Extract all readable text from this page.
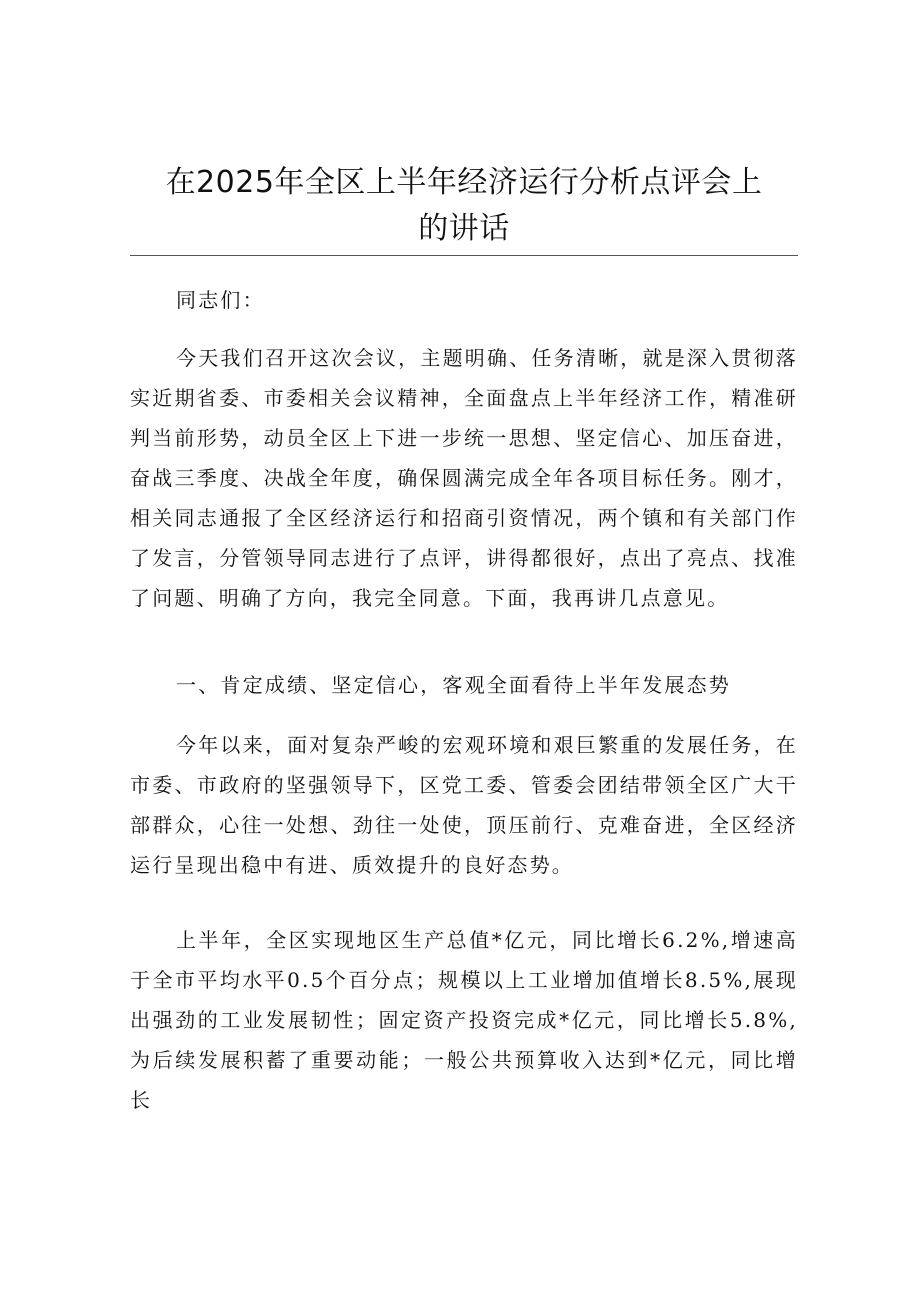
在2025年全区上半年经济运行分析点评会上
的讲话

同志们：

今天我们召开这次会议，主题明确、任务清晰，就是深入贯彻落实近期省委、市委相关会议精神，全面盘点上半年经济工作，精准研判当前形势，动员全区上下进一步统一思想、坚定信心、加压奋进，奋战三季度、决战全年度，确保圆满完成全年各项目标任务。刚才，相关同志通报了全区经济运行和招商引资情况，两个镇和有关部门作了发言，分管领导同志进行了点评，讲得都很好，点出了亮点、找准了问题、明确了方向，我完全同意。下面，我再讲几点意见。

一、肯定成绩、坚定信心，客观全面看待上半年发展态势

今年以来，面对复杂严峻的宏观环境和艰巨繁重的发展任务，在市委、市政府的坚强领导下，区党工委、管委会团结带领全区广大干部群众，心往一处想、劲往一处使，顶压前行、克难奋进，全区经济运行呈现出稳中有进、质效提升的良好态势。

上半年，全区实现地区生产总值*亿元，同比增长6.2%,增速高于全市平均水平0.5个百分点；规模以上工业增加值增长8.5%,展现出强劲的工业发展韧性；固定资产投资完成*亿元，同比增长5.8%,为后续发展积蓄了重要动能；一般公共预算收入达到*亿元，同比增长
